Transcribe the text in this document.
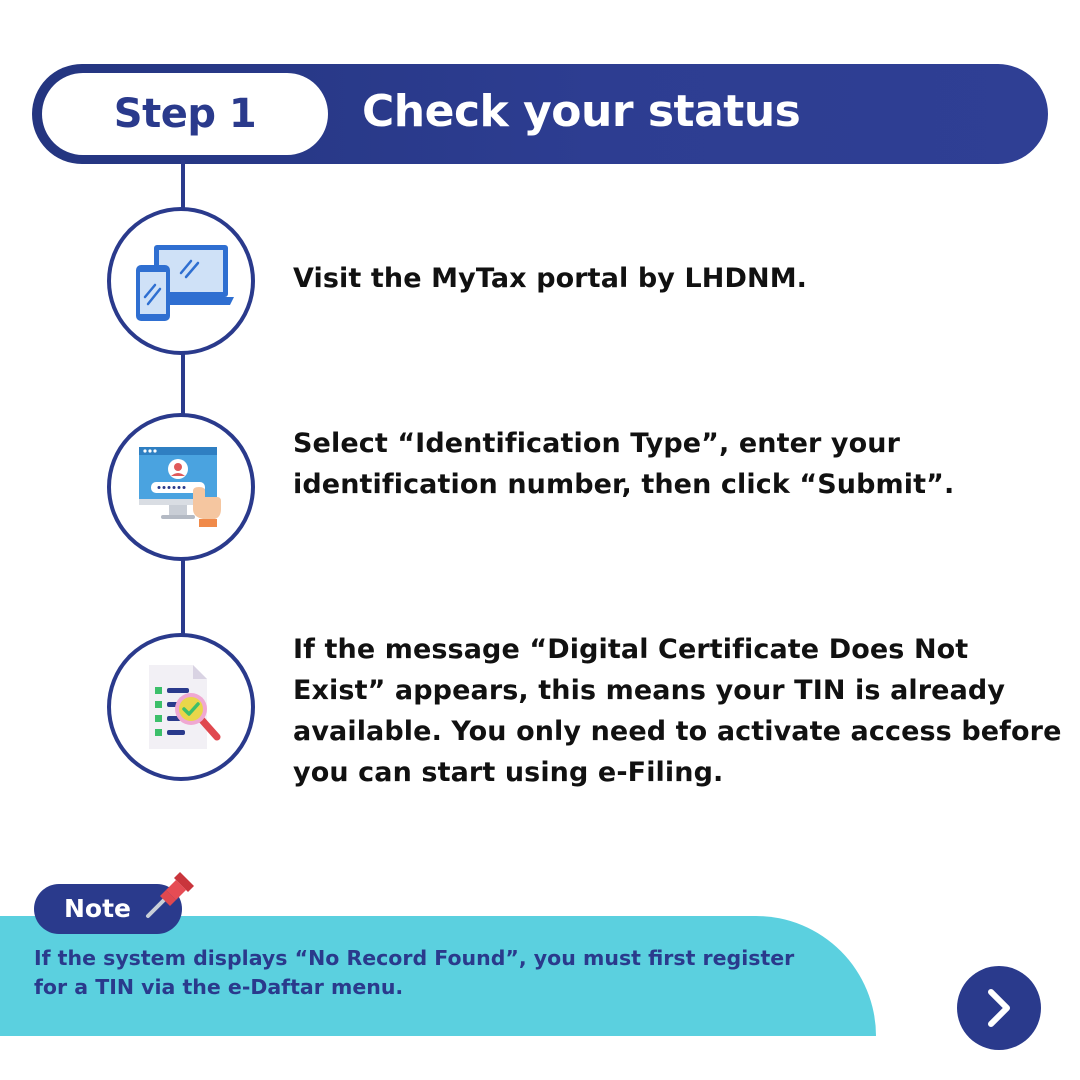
Step 1 Check your status
Visit the MyTax portal by LHDNM.
Select “Identification Type”, enter your identification number, then click “Submit”.
If the message “Digital Certificate Does Not Exist” appears, this means your TIN is already available. You only need to activate access before you can start using e-Filing.
Note
If the system displays “No Record Found”, you must first register for a TIN via the e-Daftar menu.
